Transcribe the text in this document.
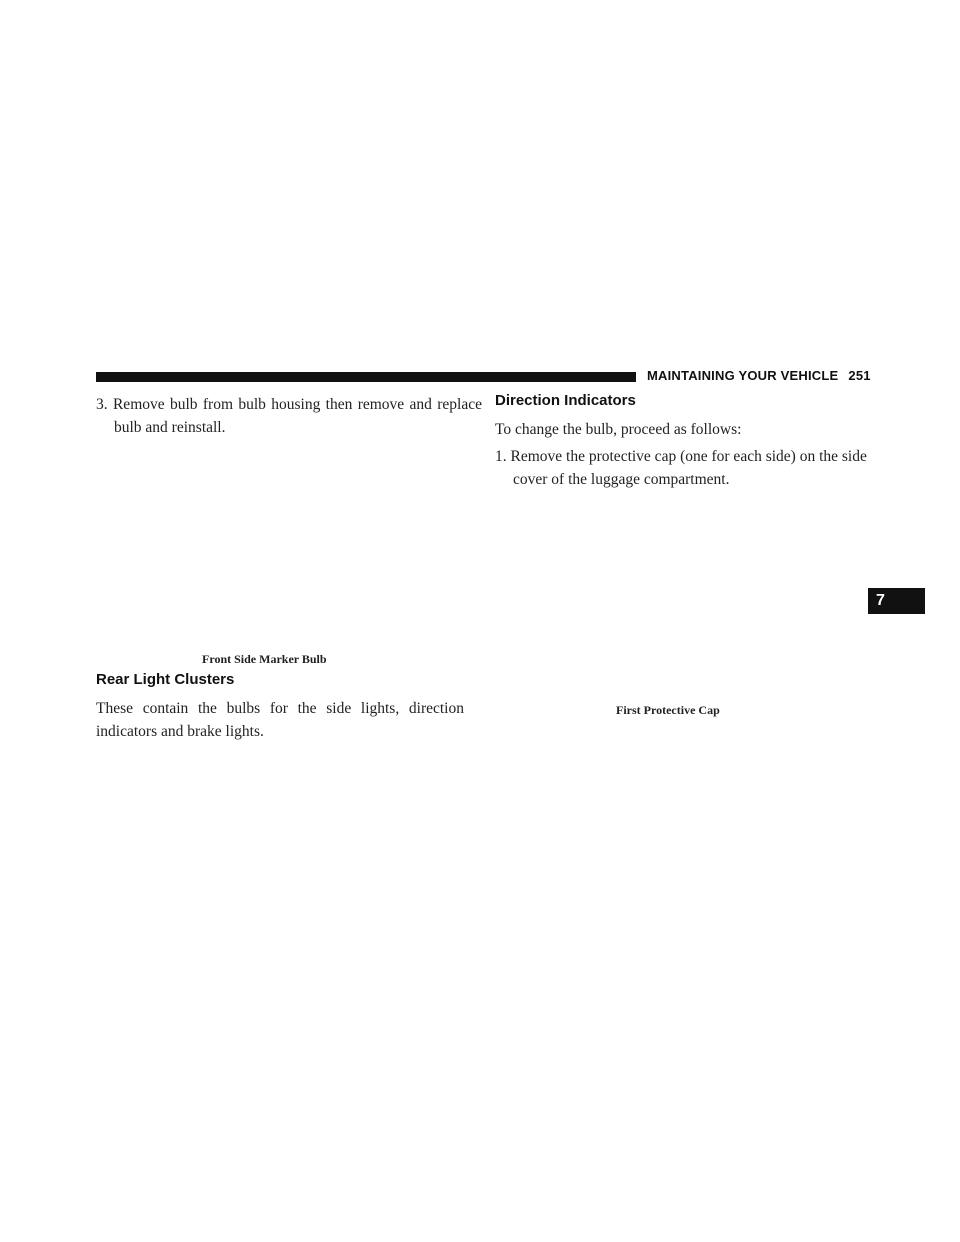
MAINTAINING YOUR VEHICLE 251
3. Remove bulb from bulb housing then remove and replace bulb and reinstall.
Front Side Marker Bulb
Rear Light Clusters
These contain the bulbs for the side lights, direction indicators and brake lights.
Direction Indicators
To change the bulb, proceed as follows:
1. Remove the protective cap (one for each side) on the side cover of the luggage compartment.
First Protective Cap
7
